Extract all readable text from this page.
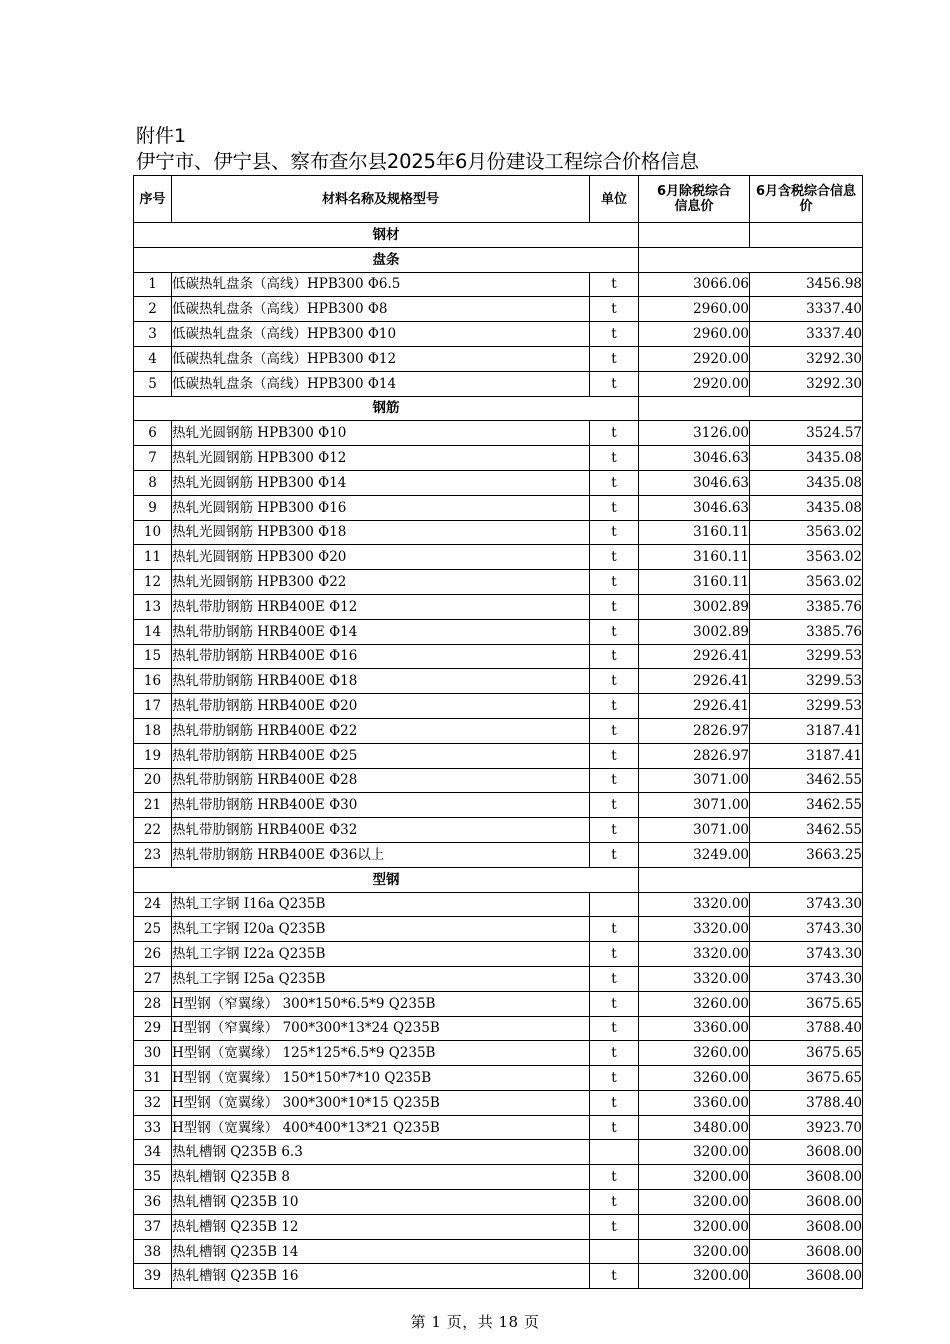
附件1
伊宁市、伊宁县、察布查尔县2025年6月份建设工程综合价格信息
序号	材料名称及规格型号	单位	6月除税综合信息价	6月含税综合信息价
钢材				
盘条				
1	低碳热轧盘条（高线）HPB300 Φ6.5	t	3066.06	3456.98
2	低碳热轧盘条（高线）HPB300 Φ8	t	2960.00	3337.40
3	低碳热轧盘条（高线）HPB300 Φ10	t	2960.00	3337.40
4	低碳热轧盘条（高线）HPB300 Φ12	t	2920.00	3292.30
5	低碳热轧盘条（高线）HPB300 Φ14	t	2920.00	3292.30
钢筋				
6	热轧光圆钢筋 HPB300 Φ10	t	3126.00	3524.57
7	热轧光圆钢筋 HPB300 Φ12	t	3046.63	3435.08
8	热轧光圆钢筋 HPB300 Φ14	t	3046.63	3435.08
9	热轧光圆钢筋 HPB300 Φ16	t	3046.63	3435.08
10	热轧光圆钢筋 HPB300 Φ18	t	3160.11	3563.02
11	热轧光圆钢筋 HPB300 Φ20	t	3160.11	3563.02
12	热轧光圆钢筋 HPB300 Φ22	t	3160.11	3563.02
13	热轧带肋钢筋 HRB400E Φ12	t	3002.89	3385.76
14	热轧带肋钢筋 HRB400E Φ14	t	3002.89	3385.76
15	热轧带肋钢筋 HRB400E Φ16	t	2926.41	3299.53
16	热轧带肋钢筋 HRB400E Φ18	t	2926.41	3299.53
17	热轧带肋钢筋 HRB400E Φ20	t	2926.41	3299.53
18	热轧带肋钢筋 HRB400E Φ22	t	2826.97	3187.41
19	热轧带肋钢筋 HRB400E Φ25	t	2826.97	3187.41
20	热轧带肋钢筋 HRB400E Φ28	t	3071.00	3462.55
21	热轧带肋钢筋 HRB400E Φ30	t	3071.00	3462.55
22	热轧带肋钢筋 HRB400E Φ32	t	3071.00	3462.55
23	热轧带肋钢筋 HRB400E Φ36以上	t	3249.00	3663.25
型钢				
24	热轧工字钢 I16a Q235B		3320.00	3743.30
25	热轧工字钢 I20a Q235B	t	3320.00	3743.30
26	热轧工字钢 I22a Q235B	t	3320.00	3743.30
27	热轧工字钢 I25a Q235B	t	3320.00	3743.30
28	H型钢（窄翼缘） 300*150*6.5*9 Q235B	t	3260.00	3675.65
29	H型钢（窄翼缘） 700*300*13*24 Q235B	t	3360.00	3788.40
30	H型钢（宽翼缘） 125*125*6.5*9 Q235B	t	3260.00	3675.65
31	H型钢（宽翼缘） 150*150*7*10 Q235B	t	3260.00	3675.65
32	H型钢（宽翼缘） 300*300*10*15 Q235B	t	3360.00	3788.40
33	H型钢（宽翼缘） 400*400*13*21 Q235B	t	3480.00	3923.70
34	热轧槽钢 Q235B 6.3		3200.00	3608.00
35	热轧槽钢 Q235B 8	t	3200.00	3608.00
36	热轧槽钢 Q235B 10	t	3200.00	3608.00
37	热轧槽钢 Q235B 12	t	3200.00	3608.00
38	热轧槽钢 Q235B 14		3200.00	3608.00
39	热轧槽钢 Q235B 16	t	3200.00	3608.00
第 1 页，共 18 页
